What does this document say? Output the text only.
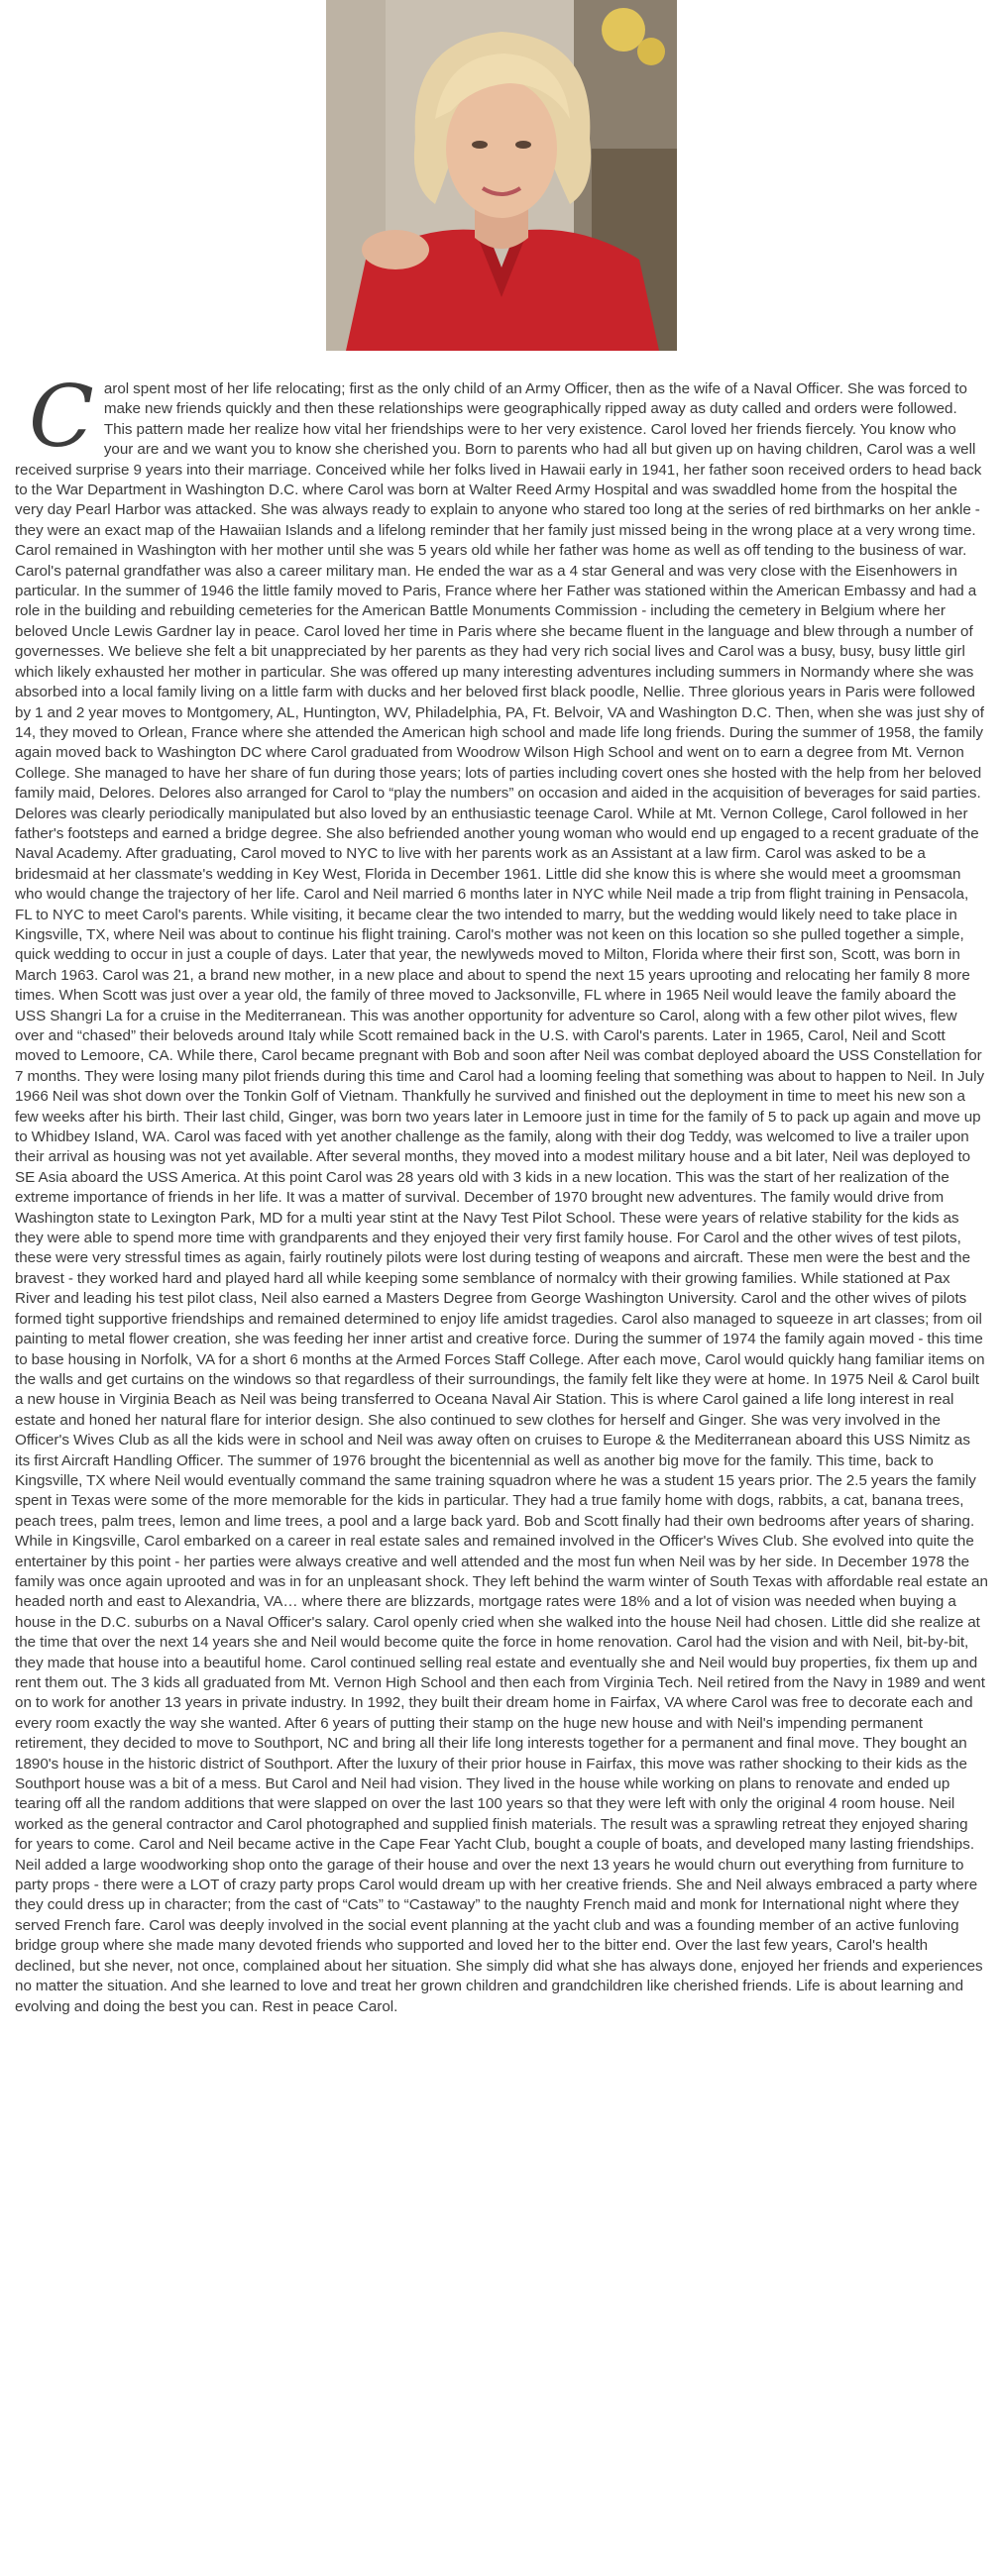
C arol spent most of her life relocating; first as the only child of an Army Officer, then as the wife of a Naval Officer. She was forced to make new friends quickly and then these relationships were geographically ripped away as duty called and orders were followed. This pattern made her realize how vital her friendships were to her very existence. Carol loved her friends fiercely. You know who your are and we want you to know she cherished you. Born to parents who had all but given up on having children, Carol was a well received surprise 9 years into their marriage. Conceived while her folks lived in Hawaii early in 1941, her father soon received orders to head back to the War Department in Washington D.C. where Carol was born at Walter Reed Army Hospital and was swaddled home from the hospital the very day Pearl Harbor was attacked. She was always ready to explain to anyone who stared too long at the series of red birthmarks on her ankle - they were an exact map of the Hawaiian Islands and a lifelong reminder that her family just missed being in the wrong place at a very wrong time. Carol remained in Washington with her mother until she was 5 years old while her father was home as well as off tending to the business of war. Carol's paternal grandfather was also a career military man. He ended the war as a 4 star General and was very close with the Eisenhowers in particular. In the summer of 1946 the little family moved to Paris, France where her Father was stationed within the American Embassy and had a role in the building and rebuilding cemeteries for the American Battle Monuments Commission - including the cemetery in Belgium where her beloved Uncle Lewis Gardner lay in peace. Carol loved her time in Paris where she became fluent in the language and blew through a number of governesses. We believe she felt a bit unappreciated by her parents as they had very rich social lives and Carol was a busy, busy, busy little girl which likely exhausted her mother in particular. She was offered up many interesting adventures including summers in Normandy where she was absorbed into a local family living on a little farm with ducks and her beloved first black poodle, Nellie. Three glorious years in Paris were followed by 1 and 2 year moves to Montgomery, AL, Huntington, WV, Philadelphia, PA, Ft. Belvoir, VA and Washington D.C. Then, when she was just shy of 14, they moved to Orlean, France where she attended the American high school and made life long friends. During the summer of 1958, the family again moved back to Washington DC where Carol graduated from Woodrow Wilson High School and went on to earn a degree from Mt. Vernon College. She managed to have her share of fun during those years; lots of parties including covert ones she hosted with the help from her beloved family maid, Delores. Delores also arranged for Carol to “play the numbers” on occasion and aided in the acquisition of beverages for said parties. Delores was clearly periodically manipulated but also loved by an enthusiastic teenage Carol. While at Mt. Vernon College, Carol followed in her father's footsteps and earned a bridge degree. She also befriended another young woman who would end up engaged to a recent graduate of the Naval Academy. After graduating, Carol moved to NYC to live with her parents work as an Assistant at a law firm. Carol was asked to be a bridesmaid at her classmate's wedding in Key West, Florida in December 1961. Little did she know this is where she would meet a groomsman who would change the trajectory of her life. Carol and Neil married 6 months later in NYC while Neil made a trip from flight training in Pensacola, FL to NYC to meet Carol's parents. While visiting, it became clear the two intended to marry, but the wedding would likely need to take place in Kingsville, TX, where Neil was about to continue his flight training. Carol's mother was not keen on this location so she pulled together a simple, quick wedding to occur in just a couple of days. Later that year, the newlyweds moved to Milton, Florida where their first son, Scott, was born in March 1963. Carol was 21, a brand new mother, in a new place and about to spend the next 15 years uprooting and relocating her family 8 more times. When Scott was just over a year old, the family of three moved to Jacksonville, FL where in 1965 Neil would leave the family aboard the USS Shangri La for a cruise in the Mediterranean. This was another opportunity for adventure so Carol, along with a few other pilot wives, flew over and “chased” their beloveds around Italy while Scott remained back in the U.S. with Carol's parents. Later in 1965, Carol, Neil and Scott moved to Lemoore, CA. While there, Carol became pregnant with Bob and soon after Neil was combat deployed aboard the USS Constellation for 7 months. They were losing many pilot friends during this time and Carol had a looming feeling that something was about to happen to Neil. In July 1966 Neil was shot down over the Tonkin Golf of Vietnam. Thankfully he survived and finished out the deployment in time to meet his new son a few weeks after his birth. Their last child, Ginger, was born two years later in Lemoore just in time for the family of 5 to pack up again and move up to Whidbey Island, WA. Carol was faced with yet another challenge as the family, along with their dog Teddy, was welcomed to live a trailer upon their arrival as housing was not yet available. After several months, they moved into a modest military house and a bit later, Neil was deployed to SE Asia aboard the USS America. At this point Carol was 28 years old with 3 kids in a new location. This was the start of her realization of the extreme importance of friends in her life. It was a matter of survival. December of 1970 brought new adventures. The family would drive from Washington state to Lexington Park, MD for a multi year stint at the Navy Test Pilot School. These were years of relative stability for the kids as they were able to spend more time with grandparents and they enjoyed their very first family house. For Carol and the other wives of test pilots, these were very stressful times as again, fairly routinely pilots were lost during testing of weapons and aircraft. These men were the best and the bravest - they worked hard and played hard all while keeping some semblance of normalcy with their growing families. While stationed at Pax River and leading his test pilot class, Neil also earned a Masters Degree from George Washington University. Carol and the other wives of pilots formed tight supportive friendships and remained determined to enjoy life amidst tragedies. Carol also managed to squeeze in art classes; from oil painting to metal flower creation, she was feeding her inner artist and creative force. During the summer of 1974 the family again moved - this time to base housing in Norfolk, VA for a short 6 months at the Armed Forces Staff College. After each move, Carol would quickly hang familiar items on the walls and get curtains on the windows so that regardless of their surroundings, the family felt like they were at home. In 1975 Neil & Carol built a new house in Virginia Beach as Neil was being transferred to Oceana Naval Air Station. This is where Carol gained a life long interest in real estate and honed her natural flare for interior design. She also continued to sew clothes for herself and Ginger. She was very involved in the Officer's Wives Club as all the kids were in school and Neil was away often on cruises to Europe & the Mediterranean aboard this USS Nimitz as its first Aircraft Handling Officer. The summer of 1976 brought the bicentennial as well as another big move for the family. This time, back to Kingsville, TX where Neil would eventually command the same training squadron where he was a student 15 years prior. The 2.5 years the family spent in Texas were some of the more memorable for the kids in particular. They had a true family home with dogs, rabbits, a cat, banana trees, peach trees, palm trees, lemon and lime trees, a pool and a large back yard. Bob and Scott finally had their own bedrooms after years of sharing. While in Kingsville, Carol embarked on a career in real estate sales and remained involved in the Officer's Wives Club. She evolved into quite the entertainer by this point - her parties were always creative and well attended and the most fun when Neil was by her side. In December 1978 the family was once again uprooted and was in for an unpleasant shock. They left behind the warm winter of South Texas with affordable real estate an headed north and east to Alexandria, VA… where there are blizzards, mortgage rates were 18% and a lot of vision was needed when buying a house in the D.C. suburbs on a Naval Officer's salary. Carol openly cried when she walked into the house Neil had chosen. Little did she realize at the time that over the next 14 years she and Neil would become quite the force in home renovation. Carol had the vision and with Neil, bit-by-bit, they made that house into a beautiful home. Carol continued selling real estate and eventually she and Neil would buy properties, fix them up and rent them out. The 3 kids all graduated from Mt. Vernon High School and then each from Virginia Tech. Neil retired from the Navy in 1989 and went on to work for another 13 years in private industry. In 1992, they built their dream home in Fairfax, VA where Carol was free to decorate each and every room exactly the way she wanted. After 6 years of putting their stamp on the huge new house and with Neil's impending permanent retirement, they decided to move to Southport, NC and bring all their life long interests together for a permanent and final move. They bought an 1890's house in the historic district of Southport. After the luxury of their prior house in Fairfax, this move was rather shocking to their kids as the Southport house was a bit of a mess. But Carol and Neil had vision. They lived in the house while working on plans to renovate and ended up tearing off all the random additions that were slapped on over the last 100 years so that they were left with only the original 4 room house. Neil worked as the general contractor and Carol photographed and supplied finish materials. The result was a sprawling retreat they enjoyed sharing for years to come. Carol and Neil became active in the Cape Fear Yacht Club, bought a couple of boats, and developed many lasting friendships. Neil added a large woodworking shop onto the garage of their house and over the next 13 years he would churn out everything from furniture to party props - there were a LOT of crazy party props Carol would dream up with her creative friends. She and Neil always embraced a party where they could dress up in character; from the cast of “Cats” to “Castaway” to the naughty French maid and monk for International night where they served French fare. Carol was deeply involved in the social event planning at the yacht club and was a founding member of an active funloving bridge group where she made many devoted friends who supported and loved her to the bitter end. Over the last few years, Carol's health declined, but she never, not once, complained about her situation. She simply did what she has always done, enjoyed her friends and experiences no matter the situation. And she learned to love and treat her grown children and grandchildren like cherished friends. Life is about learning and evolving and doing the best you can. Rest in peace Carol.
